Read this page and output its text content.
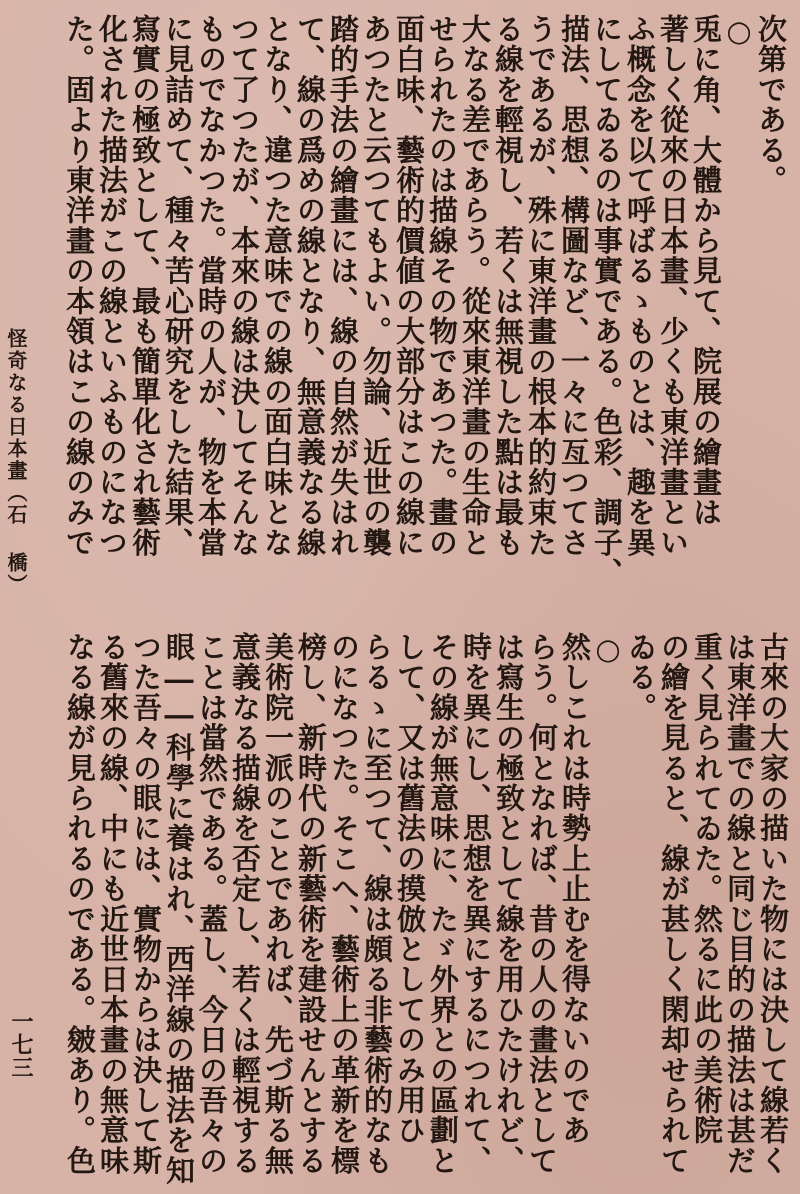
怪奇なる日本畫（石 橋）
一七三
次第である。
○
兎に角、大體から見て、院展の繪畫は
著しく從來の日本畫、少くも東洋畫とい
ふ概念を以て呼ばるゝものとは、趣を異
にしてゐるのは事實である。色彩、調子、
描法、思想、構圖など、一々に亙つてさ
うであるが、殊に東洋畫の根本的約束た
る線を輕視し、若くは無視した點は最も
大なる差であらう。從來東洋畫の生命と
せられたのは描線その物であつた。畫の
面白味、藝術的價値の大部分はこの線に
あつたと云つてもよい。勿論、近世の襲
踏的手法の繪畫には、線の自然が失はれ
て、線の爲めの線となり、無意義なる線
となり、違つた意味での線の面白味とな
つて了つたが、本來の線は決してそんな
ものでなかつた。當時の人が、物を本當
に見詰めて、種々苦心研究をした結果、
寫實の極致として、最も簡單化され藝術
化された描法がこの線といふものになつ
た。固より東洋畫の本領はこの線のみで
古來の大家の描いた物には決して線若く
は東洋畫での線と同じ目的の描法は甚だ
重く見られてゐた。然るに此の美術院
の繪を見ると、線が甚しく閑却せられて
ゐる。
○
然しこれは時勢上止むを得ないのであ
らう。何となれば、昔の人の畫法として
は寫生の極致として線を用ひたけれど、
時を異にし、思想を異にするにつれて、
その線が無意味に、たゞ外界との區劃と
して、又は舊法の摸倣としてのみ用ひ
らるゝに至つて、線は頗る非藝術的なも
のになつた。そこへ、藝術上の革新を標
榜し、新時代の新藝術を建設せんとする
美術院一派のことであれば、先づ斯る無
意義なる描線を否定し、若くは輕視する
ことは當然である。蓋し、今日の吾々の
眼――科學に養はれ、西洋線の描法を知
つた吾々の眼には、實物からは決して斯
る舊來の線、中にも近世日本畫の無意味
なる線が見られるのである。皴あり。色
